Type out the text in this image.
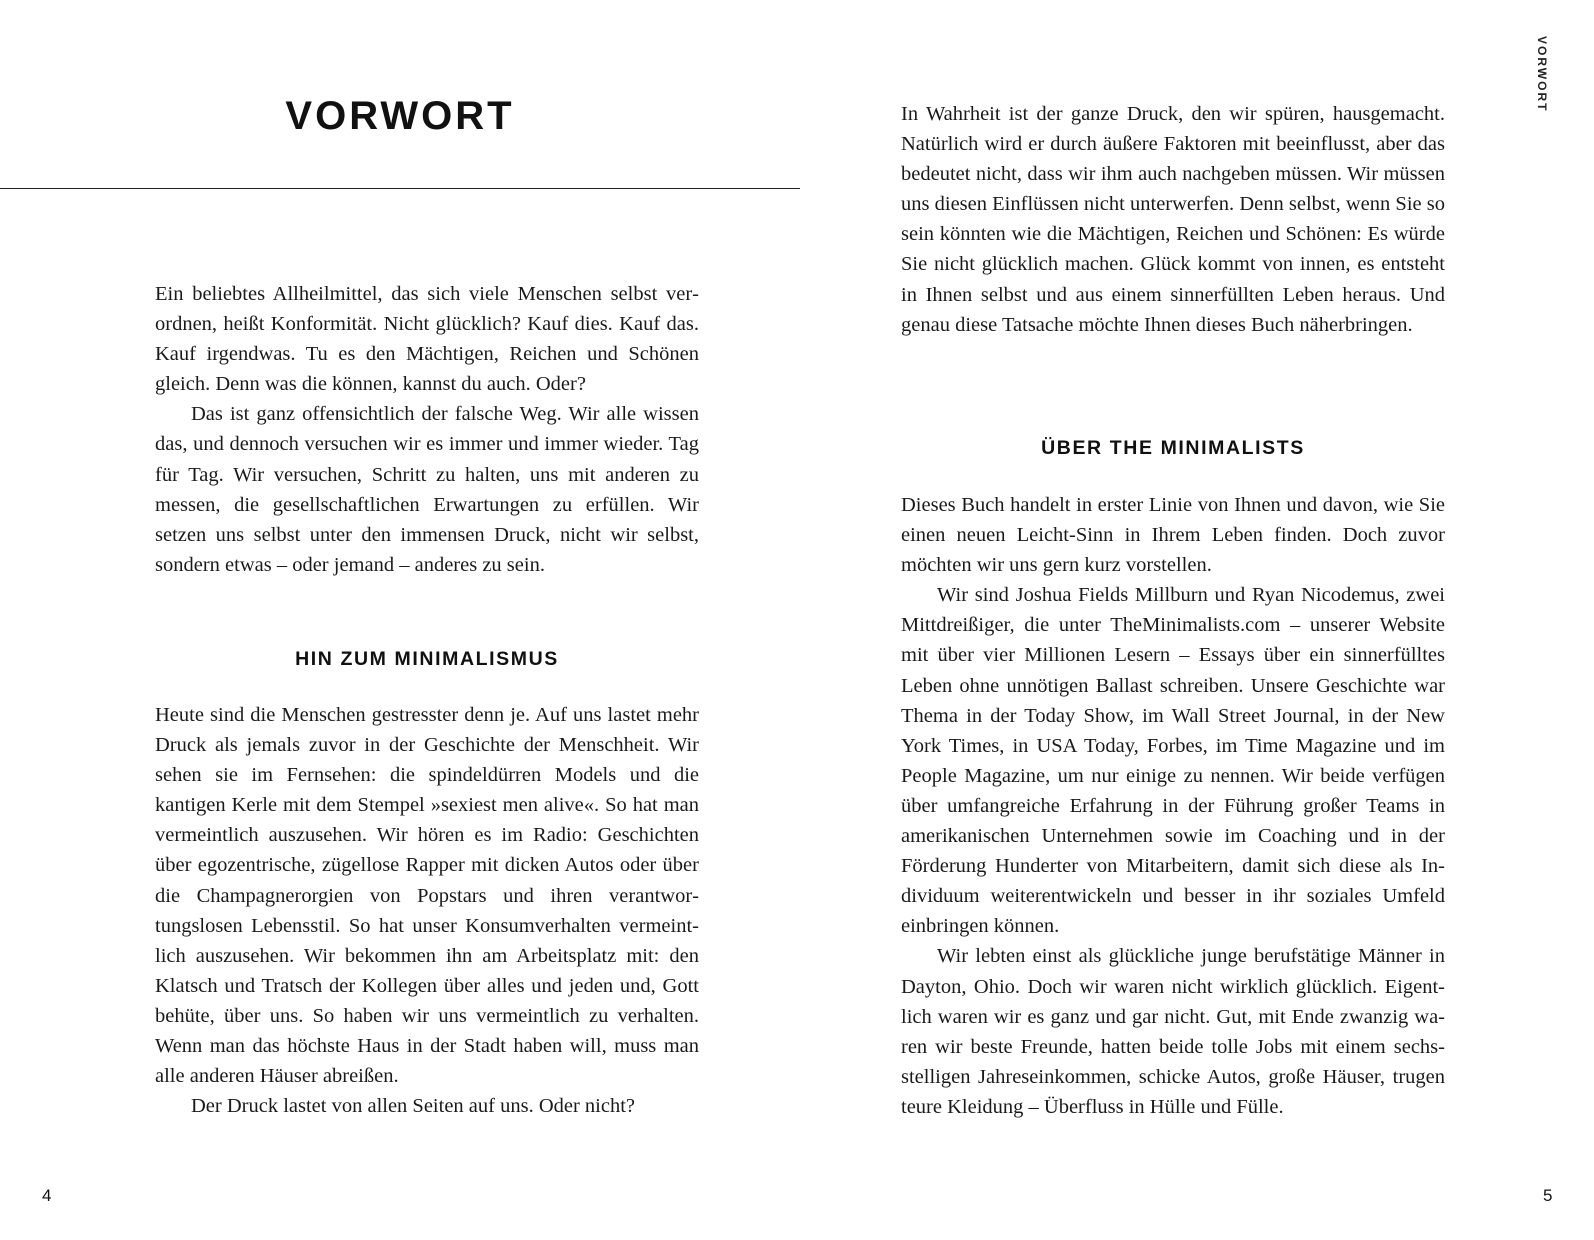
VORWORT
VORWORT

Ein beliebtes Allheilmittel, das sich viele Menschen selbst verordnen, heißt Konformität. Nicht glücklich? Kauf dies. Kauf das. Kauf irgendwas. Tu es den Mächtigen, Reichen und Schönen gleich. Denn was die können, kannst du auch. Oder?

Das ist ganz offensichtlich der falsche Weg. Wir alle wissen das, und dennoch versuchen wir es immer und immer wieder. Tag für Tag. Wir versuchen, Schritt zu halten, uns mit anderen zu messen, die gesellschaftlichen Erwartungen zu erfüllen. Wir setzen uns selbst unter den immensen Druck, nicht wir selbst, sondern etwas – oder jemand – anderes zu sein.

HIN ZUM MINIMALISMUS

Heute sind die Menschen gestresster denn je. Auf uns lastet mehr Druck als jemals zuvor in der Geschichte der Menschheit. Wir sehen sie im Fernsehen: die spindeldürren Models und die kantigen Kerle mit dem Stempel »sexiest men alive«. So hat man vermeintlich auszusehen. Wir hören es im Radio: Geschichten über egozentrische, zügellose Rapper mit dicken Autos oder über die Champagnerorgien von Popstars und ihren verantwortungslosen Lebensstil. So hat unser Konsumverhalten vermeintlich auszusehen. Wir bekommen ihn am Arbeitsplatz mit: den Klatsch und Tratsch der Kollegen über alles und jeden und, Gott behüte, über uns. So haben wir uns vermeintlich zu verhalten. Wenn man das höchste Haus in der Stadt haben will, muss man alle anderen Häuser abreißen.

Der Druck lastet von allen Seiten auf uns. Oder nicht?

In Wahrheit ist der ganze Druck, den wir spüren, hausgemacht. Natürlich wird er durch äußere Faktoren mit beeinflusst, aber das bedeutet nicht, dass wir ihm auch nachgeben müssen. Wir müssen uns diesen Einflüssen nicht unterwerfen. Denn selbst, wenn Sie so sein könnten wie die Mächtigen, Reichen und Schönen: Es würde Sie nicht glücklich machen. Glück kommt von innen, es entsteht in Ihnen selbst und aus einem sinnerfüllten Leben heraus. Und genau diese Tatsache möchte Ihnen dieses Buch näherbringen.

ÜBER THE MINIMALISTS

Dieses Buch handelt in erster Linie von Ihnen und davon, wie Sie einen neuen Leicht-Sinn in Ihrem Leben finden. Doch zuvor möchten wir uns gern kurz vorstellen.

Wir sind Joshua Fields Millburn und Ryan Nicodemus, zwei Mittdreißiger, die unter TheMinimalists.com – unserer Website mit über vier Millionen Lesern – Essays über ein sinnerfülltes Leben ohne unnötigen Ballast schreiben. Unsere Geschichte war Thema in der Today Show, im Wall Street Journal, in der New York Times, in USA Today, Forbes, im Time Magazine und im People Magazine, um nur einige zu nennen. Wir beide verfügen über umfangreiche Erfahrung in der Führung großer Teams in amerikanischen Unternehmen sowie im Coaching und in der Förderung Hunderter von Mitarbeitern, damit sich diese als Individuum weiterentwickeln und besser in ihr soziales Umfeld einbringen können.

Wir lebten einst als glückliche junge berufstätige Männer in Dayton, Ohio. Doch wir waren nicht wirklich glücklich. Eigentlich waren wir es ganz und gar nicht. Gut, mit Ende zwanzig waren wir beste Freunde, hatten beide tolle Jobs mit einem sechsstelligen Jahreseinkommen, schicke Autos, große Häuser, trugen teure Kleidung – Überfluss in Hülle und Fülle.

4	5
